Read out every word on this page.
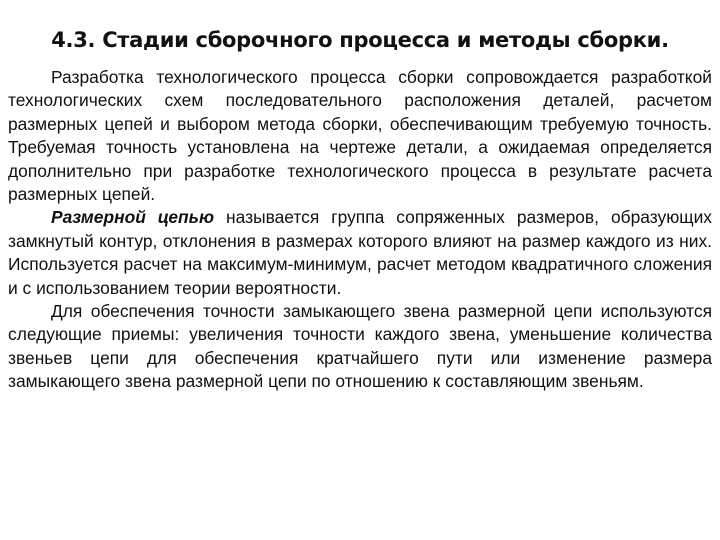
4.3. Стадии сборочного процесса и методы сборки.

Разработка технологического процесса сборки сопровождается разработкой технологических схем последовательного расположения деталей, расчетом размерных цепей и выбором метода сборки, обеспечивающим требуемую точность. Требуемая точность установлена на чертеже детали, а ожидаемая определяется дополнительно при разработке технологического процесса в результате расчета размерных цепей.

Размерной цепью называется группа сопряженных размеров, образующих замкнутый контур, отклонения в размерах которого влияют на размер каждого из них. Используется расчет на максимум-минимум, расчет методом квадратичного сложения и с использованием теории вероятности.

Для обеспечения точности замыкающего звена размерной цепи используются следующие приемы: увеличения точности каждого звена, уменьшение количества звеньев цепи для обеспечения кратчайшего пути или изменение размера замыкающего звена размерной цепи по отношению к составляющим звеньям.
